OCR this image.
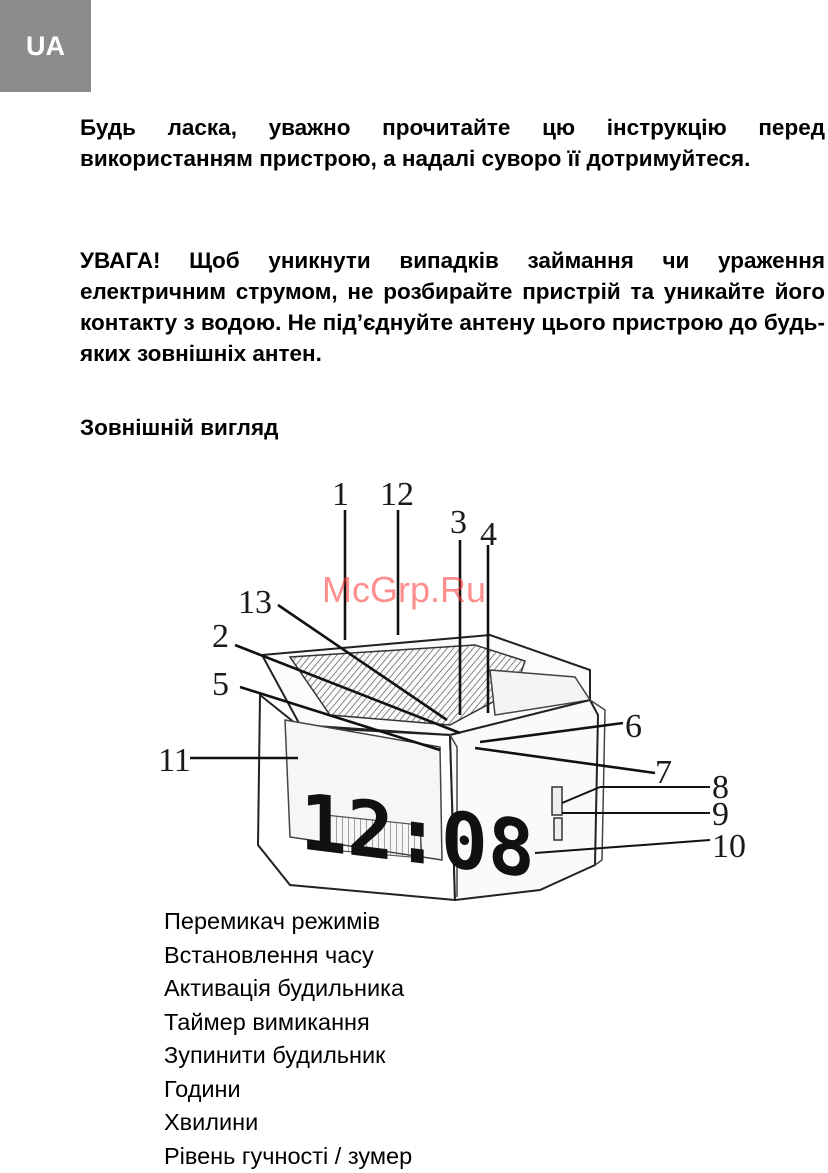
UA

Будь ласка, уважно прочитайте цю інструкцію перед використанням пристрою, а надалі суворо її дотримуйтеся.

УВАГА! Щоб уникнути випадків займання чи ураження електричним струмом, не розбирайте пристрій та уникайте його контакту з водою. Не під’єднуйте антену цього пристрою до будь-яких зовнішніх антен.

Зовнішній вигляд
12:08
1
2
3 4
5
6
7 8
9
10
11
12
13 McGrp.Ru
Перемикач режимів
Встановлення часу
Активація будильника
Таймер вимикання
Зупинити будильник
Години
Хвилини
Рівень гучності / зумер
